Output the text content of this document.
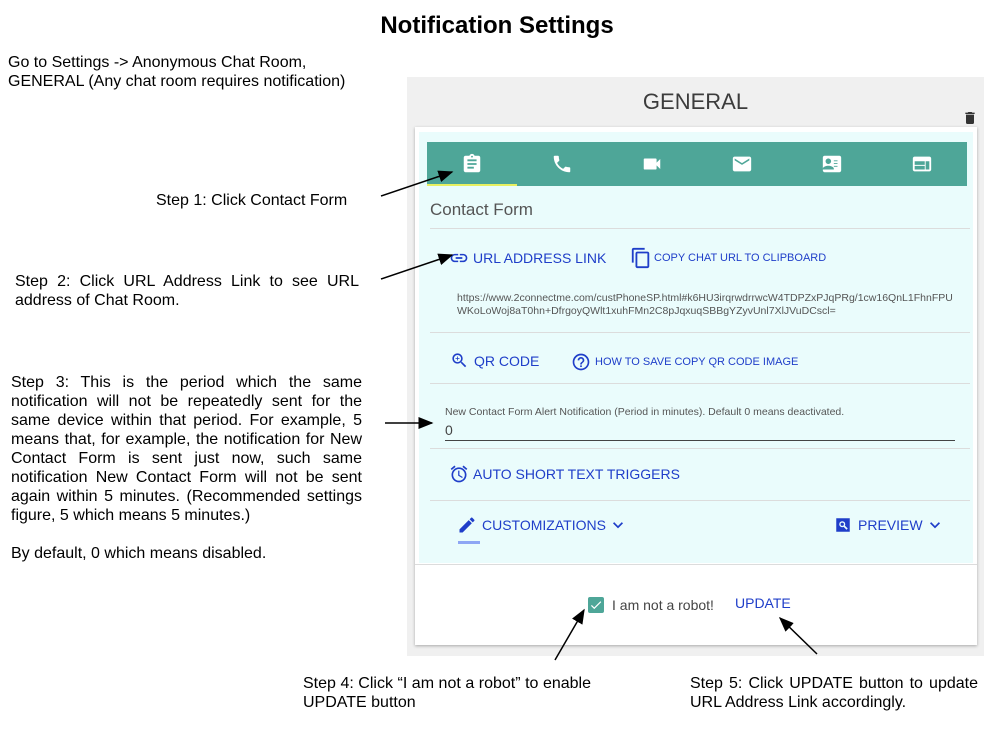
Notification Settings
Go to Settings -> Anonymous Chat Room,
GENERAL (Any chat room requires notification)
Step 1: Click Contact Form
Step 2: Click URL Address Link to see URL address of Chat Room.
Step 3: This is the period which the same notification will not be repeatedly sent for the same device within that period. For example, 5 means that, for example, the notification for New Contact Form is sent just now, such same notification New Contact Form will not be sent again within 5 minutes. (Recommended settings figure, 5 which means 5 minutes.)
By default, 0 which means disabled.
Step 4: Click “I am not a robot” to enable UPDATE button
Step 5: Click UPDATE button to update URL Address Link accordingly.
GENERAL
Contact Form
URL ADDRESS LINK	COPY CHAT URL TO CLIPBOARD
https://www.2connectme.com/custPhoneSP.html#k6HU3irqrwdrrwcW4TDPZxPJqPRg/1cw16QnL1FhnFPUWKoLoWoj8aT0hn+DfrgoyQWlt1xuhFMn2C8pJqxuqSBBgYZyvUnl7XlJVuDCscl=
QR CODE	HOW TO SAVE COPY QR CODE IMAGE
New Contact Form Alert Notification (Period in minutes). Default 0 means deactivated.
0
AUTO SHORT TEXT TRIGGERS
CUSTOMIZATIONS	PREVIEW
I am not a robot! UPDATE
